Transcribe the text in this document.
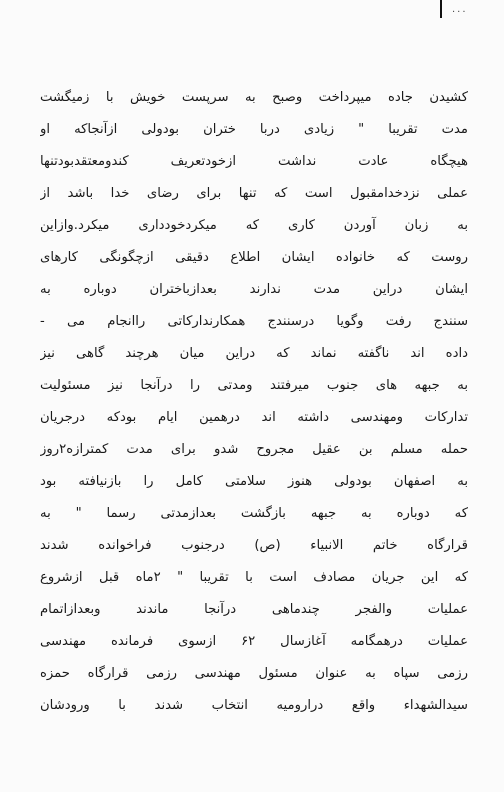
...
کشیدن جاده میپرداخت وصبح به سرپست خویش با زمیگشت
مدت تقریبا " زیادی دربا ختران بودولی ازآنجاکه او
هیچگاه عادت نداشت ازخودتعریف کندومعتقدبودتنها
عملی نزدخدامقبول است که تنها برای رضای خدا باشد از
به زبان آوردن کاری که میکردخودداری میکرد.وازاین
روست که خانواده ایشان اطلاع دقیقی ازچگونگی کارهای
ایشان دراین مدت ندارند بعدازباختران دوباره به
سنندج رفت وگویا درسنندج همکارندارکاتی راانجام می -
داده اند ناگفته نماند که دراین میان هرچند گاهی نیز
به جبهه های جنوب میرفتند ومدتی را درآنجا نیز مسئولیت
تدارکات ومهندسی داشته اند درهمین ایام بودکه درجریان
حمله مسلم بن عقیل مجروح شدو برای مدت کمترازه۲روز
به اصفهان بودولی هنوز سلامتی کامل را بازنیافته بود
که دوباره به جبهه بازگشت بعدازمدتی رسما " به
قرارگاه خاتم الانبیاء (ص) درجنوب فراخوانده شدند
که این جریان مصادف است با تقریبا " ۲ماه قبل ازشروع
عملیات والفجر چندماهی درآنجا ماندند وبعدازاتمام
عملیات درهمگامه آغازسال ۶۲ ازسوی فرمانده مهندسی
رزمی سپاه به عنوان مسئول مهندسی رزمی قرارگاه حمزه
سیدالشهداء واقع درارومیه انتخاب شدند با ورودشان
